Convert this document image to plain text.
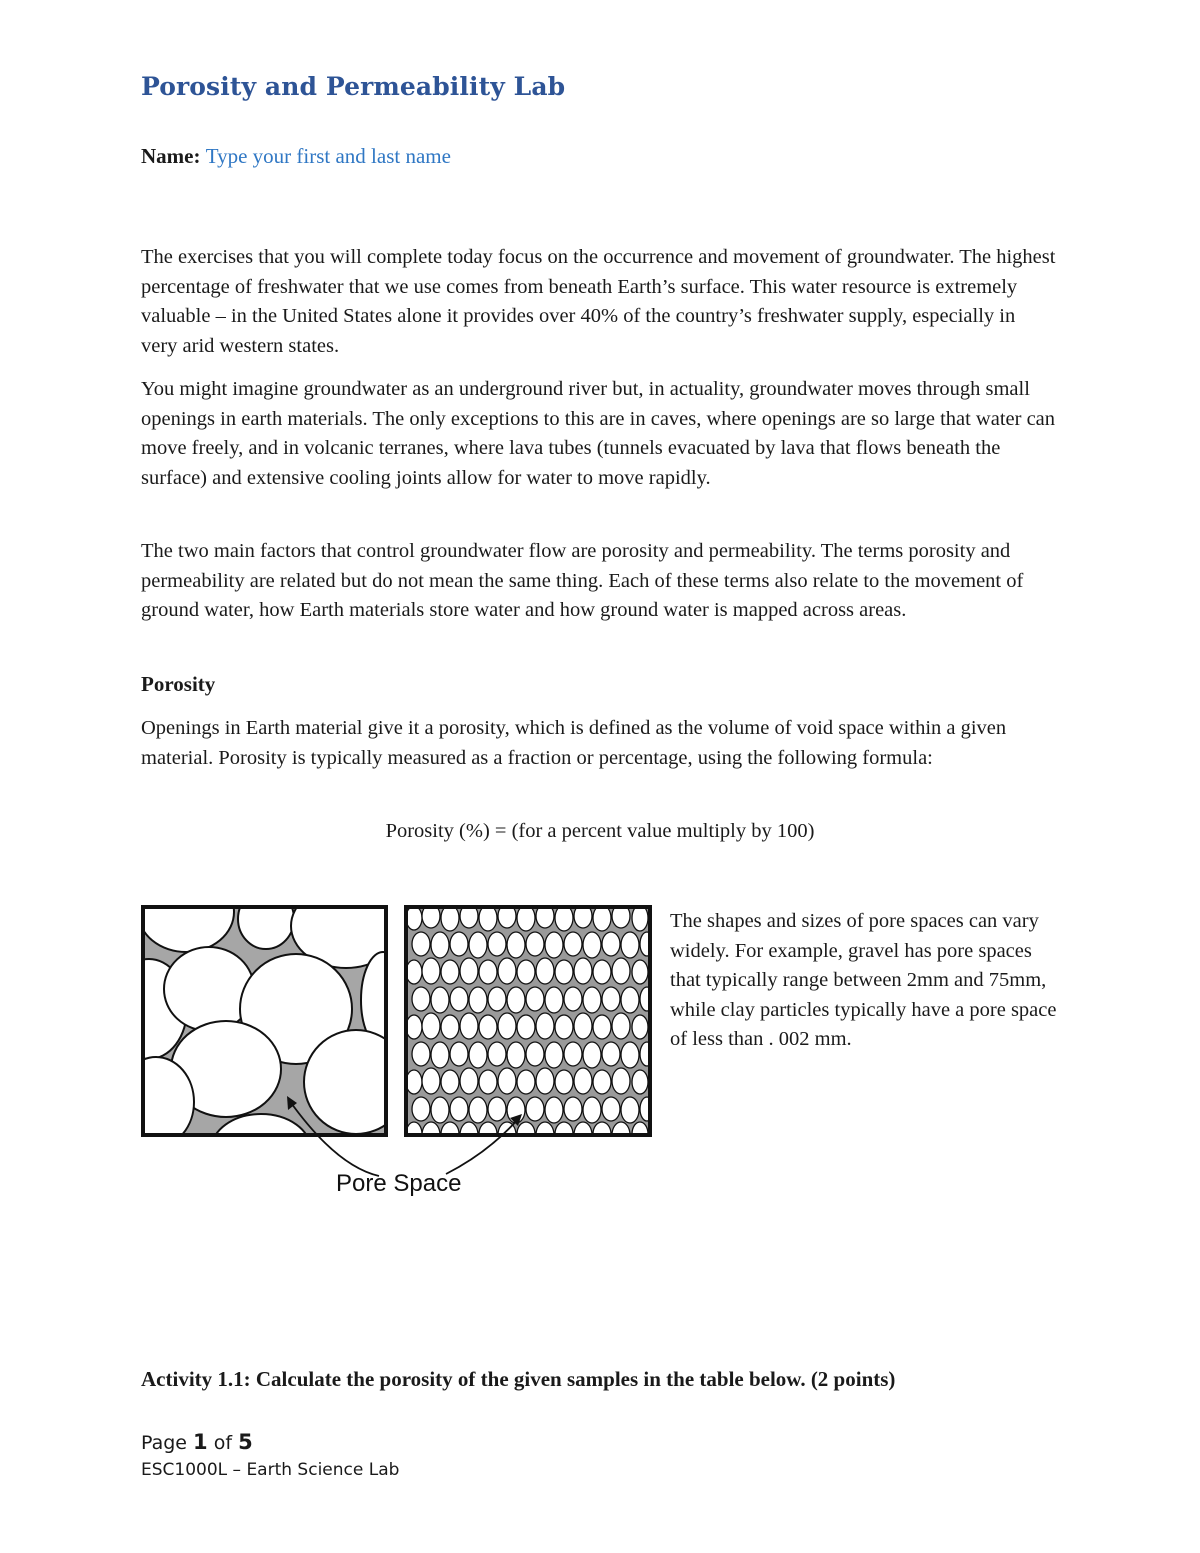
Porosity and Permeability Lab
Name: Type your first and last name

The exercises that you will complete today focus on the occurrence and movement of groundwater. The highest percentage of freshwater that we use comes from beneath Earth’s surface. This water resource is extremely valuable – in the United States alone it provides over 40% of the country’s freshwater supply, especially in very arid western states.

You might imagine groundwater as an underground river but, in actuality, groundwater moves through small openings in earth materials. The only exceptions to this are in caves, where openings are so large that water can move freely, and in volcanic terranes, where lava tubes (tunnels evacuated by lava that flows beneath the surface) and extensive cooling joints allow for water to move rapidly.

The two main factors that control groundwater flow are porosity and permeability. The terms porosity and permeability are related but do not mean the same thing. Each of these terms also relate to the movement of ground water, how Earth materials store water and how ground water is mapped across areas.

Porosity

Openings in Earth material give it a porosity, which is defined as the volume of void space within a given material. Porosity is typically measured as a fraction or percentage, using the following formula:

Porosity (%) = (for a percent value multiply by 100)
Pore Space

The shapes and sizes of pore spaces can vary widely. For example, gravel has pore spaces that typically range between 2mm and 75mm, while clay particles typically have a pore space of less than . 002 mm.

Activity 1.1: Calculate the porosity of the given samples in the table below. (2 points)
Page 1 of 5
ESC1000L – Earth Science Lab
